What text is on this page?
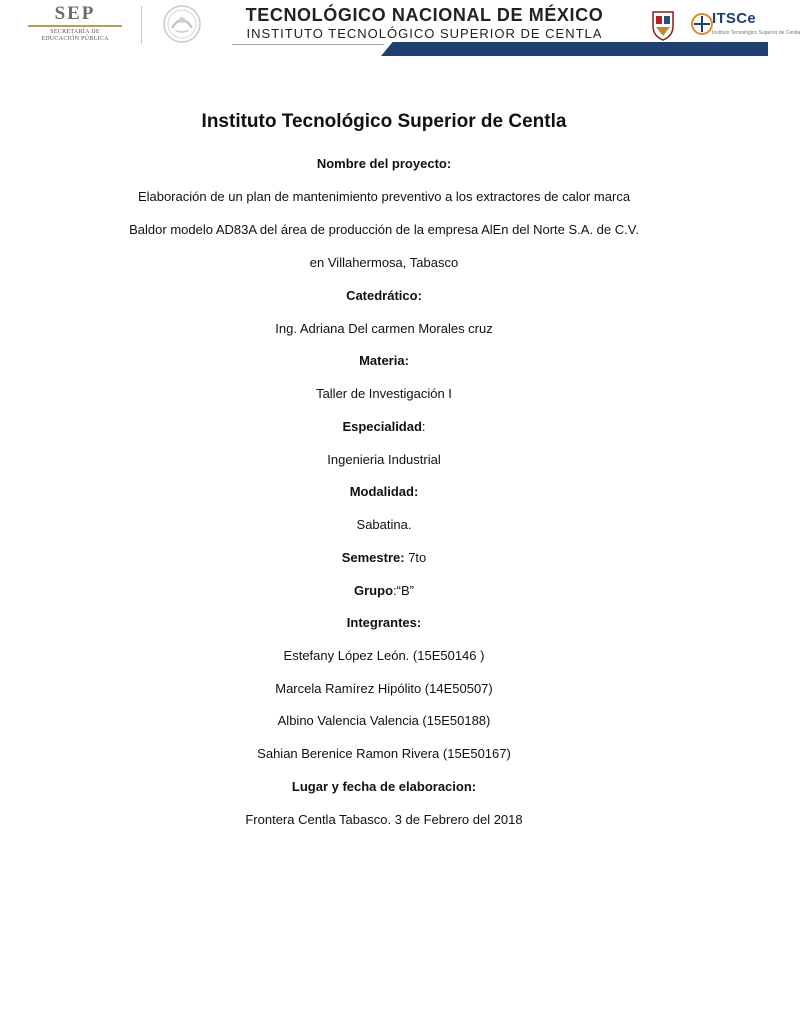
SEP
SECRETARÍA DE
EDUCACIÓN PÚBLICA
TECNOLÓGICO NACIONAL DE MÉXICO
INSTITUTO TECNOLÓGICO SUPERIOR DE CENTLA
ITSCe
Instituto Tecnológico Superior de Centla
Instituto Tecnológico Superior de Centla
Nombre del proyecto:
Elaboración de un plan de mantenimiento preventivo a los extractores de calor marca
Baldor modelo AD83A del área de producción de la empresa AlEn del Norte S.A. de C.V.
en Villahermosa, Tabasco
Catedrático:
Ing. Adriana Del carmen Morales cruz
Materia:
Taller de Investigación I
Especialidad:
Ingenieria Industrial
Modalidad:
Sabatina.
Semestre: 7to
Grupo:“B”
Integrantes:
Estefany López León. (15E50146 )
Marcela Ramírez Hipólito (14E50507)
Albino Valencia Valencia (15E50188)
Sahian Berenice Ramon Rivera (15E50167)
Lugar y fecha de elaboracion:
Frontera Centla Tabasco. 3 de Febrero del 2018
